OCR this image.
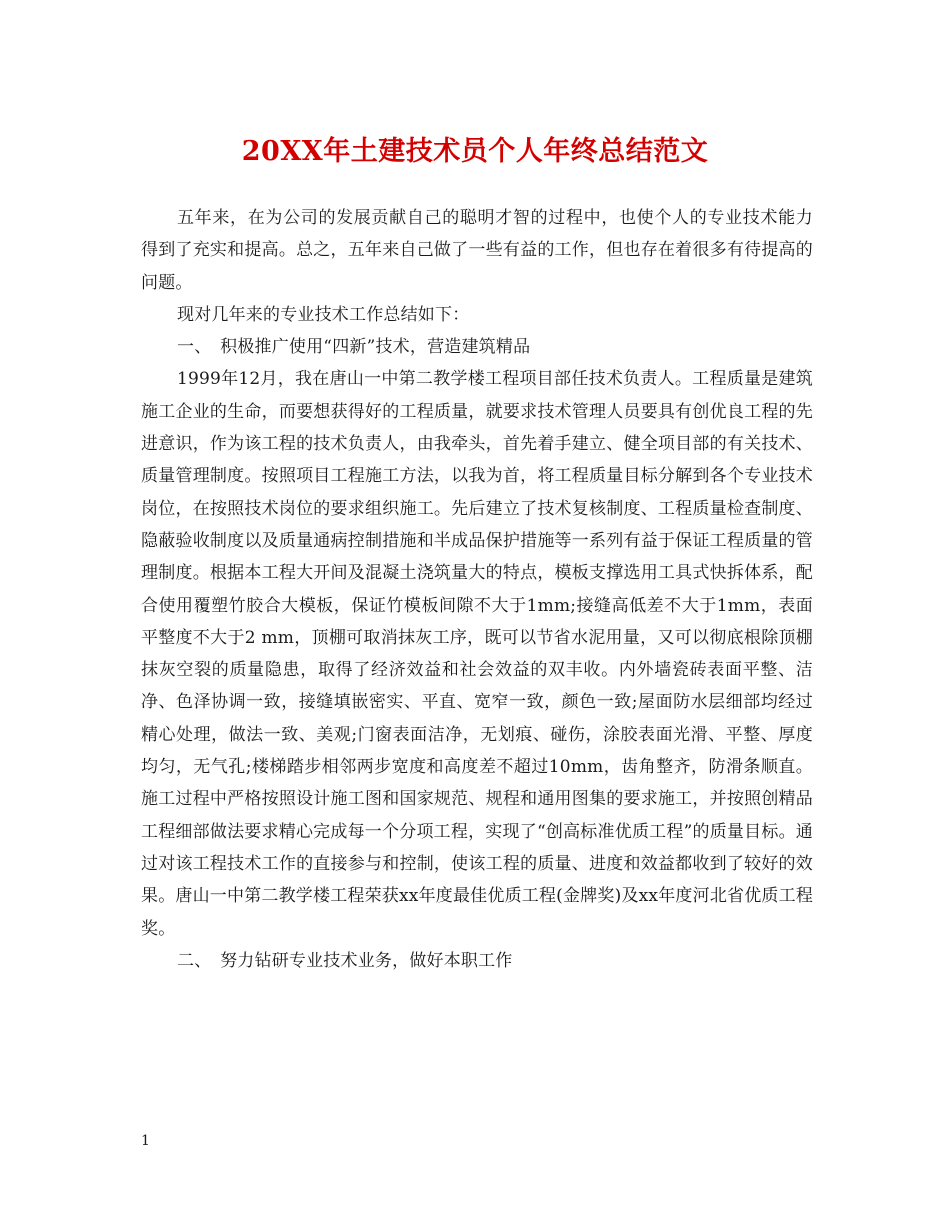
20XX年土建技术员个人年终总结范文

五年来，在为公司的发展贡献自己的聪明才智的过程中，也使个人的专业技术能力得到了充实和提高。总之，五年来自己做了一些有益的工作，但也存在着很多有待提高的问题。

现对几年来的专业技术工作总结如下：

一、　积极推广使用“四新”技术，营造建筑精品

1999年12月，我在唐山一中第二教学楼工程项目部任技术负责人。工程质量是建筑施工企业的生命，而要想获得好的工程质量，就要求技术管理人员要具有创优良工程的先进意识，作为该工程的技术负责人，由我牵头，首先着手建立、健全项目部的有关技术、质量管理制度。按照项目工程施工方法，以我为首，将工程质量目标分解到各个专业技术岗位，在按照技术岗位的要求组织施工。先后建立了技术复核制度、工程质量检查制度、隐蔽验收制度以及质量通病控制措施和半成品保护措施等一系列有益于保证工程质量的管理制度。根据本工程大开间及混凝土浇筑量大的特点，模板支撑选用工具式快拆体系，配合使用覆塑竹胶合大模板，保证竹模板间隙不大于1mm;接缝高低差不大于1mm，表面平整度不大于2 mm，顶棚可取消抹灰工序，既可以节省水泥用量，又可以彻底根除顶棚抹灰空裂的质量隐患，取得了经济效益和社会效益的双丰收。内外墙瓷砖表面平整、洁净、色泽协调一致，接缝填嵌密实、平直、宽窄一致，颜色一致;屋面防水层细部均经过精心处理，做法一致、美观;门窗表面洁净，无划痕、碰伤，涂胶表面光滑、平整、厚度均匀，无气孔;楼梯踏步相邻两步宽度和高度差不超过10mm，齿角整齐，防滑条顺直。施工过程中严格按照设计施工图和国家规范、规程和通用图集的要求施工，并按照创精品工程细部做法要求精心完成每一个分项工程，实现了“创高标准优质工程”的质量目标。通过对该工程技术工作的直接参与和控制，使该工程的质量、进度和效益都收到了较好的效果。唐山一中第二教学楼工程荣获xx年度最佳优质工程(金牌奖)及xx年度河北省优质工程奖。

二、　努力钻研专业技术业务，做好本职工作

1
